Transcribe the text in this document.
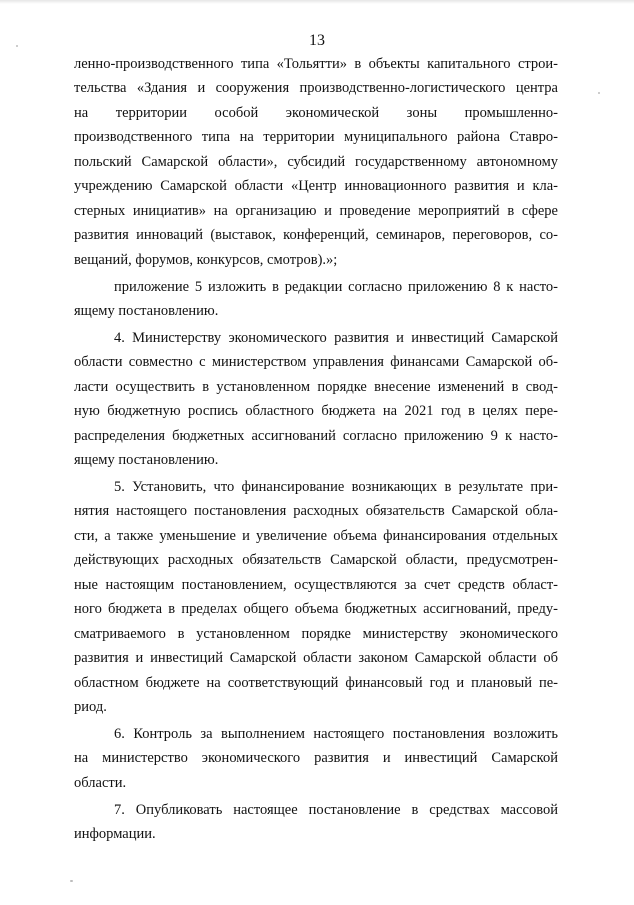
13
ленно-производственного типа «Тольятти» в объекты капитального строи-
тельства «Здания и сооружения производственно-логистического центра
на территории особой экономической зоны промышленно-
производственного типа на территории муниципального района Ставро-
польский Самарской области», субсидий государственному автономному
учреждению Самарской области «Центр инновационного развития и кла-
стерных инициатив» на организацию и проведение мероприятий в сфере
развития инноваций (выставок, конференций, семинаров, переговоров, со-
вещаний, форумов, конкурсов, смотров).»;
приложение 5 изложить в редакции согласно приложению 8 к насто-
ящему постановлению.
4. Министерству экономического развития и инвестиций Самарской
области совместно с министерством управления финансами Самарской об-
ласти осуществить в установленном порядке внесение изменений в свод-
ную бюджетную роспись областного бюджета на 2021 год в целях пере-
распределения бюджетных ассигнований согласно приложению 9 к насто-
ящему постановлению.
5. Установить, что финансирование возникающих в результате при-
нятия настоящего постановления расходных обязательств Самарской обла-
сти, а также уменьшение и увеличение объема финансирования отдельных
действующих расходных обязательств Самарской области, предусмотрен-
ные настоящим постановлением, осуществляются за счет средств област-
ного бюджета в пределах общего объема бюджетных ассигнований, преду-
сматриваемого в установленном порядке министерству экономического
развития и инвестиций Самарской области законом Самарской области об
областном бюджете на соответствующий финансовый год и плановый пе-
риод.
6. Контроль за выполнением настоящего постановления возложить
на министерство экономического развития и инвестиций Самарской
области.
7. Опубликовать настоящее постановление в средствах массовой
информации.
